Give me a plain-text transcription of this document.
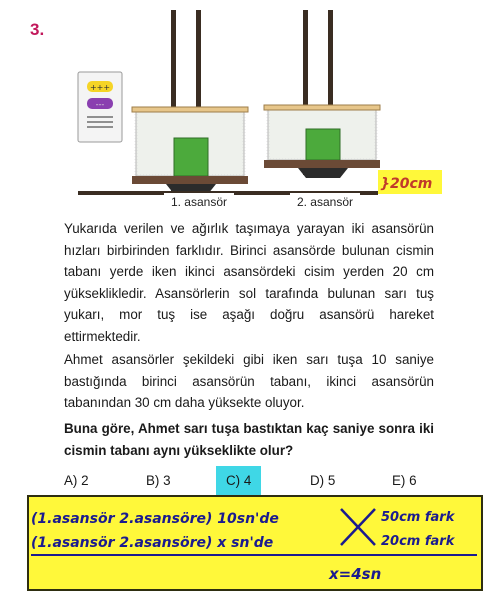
3.
+++
---
1. asansör	2. asansör
}20cm
Yukarıda verilen ve ağırlık taşımaya yarayan iki asansörün hızları birbirinden farklıdır. Birinci asansörde bulunan cismin tabanı yerde iken ikinci asansördeki cisim yerden 20 cm yükseklikledir. Asansörlerin sol tarafında bulunan sarı tuş yukarı, mor tuş ise aşağı doğru asansörü hareket ettirmektedir.
Ahmet asansörler şekildeki gibi iken sarı tuşa 10 saniye bastığında birinci asansörün tabanı, ikinci asansörün tabanından 30 cm daha yüksekte oluyor.
Buna göre, Ahmet sarı tuşa bastıktan kaç saniye sonra iki cismin tabanı aynı yükseklikte olur?
A) 2	B) 3	C) 4	D) 5	E) 6
(1.asansör 2.asansöre) 10sn'de
(1.asansör 2.asansöre) x sn'de
50cm fark
20cm fark
x=4sn
